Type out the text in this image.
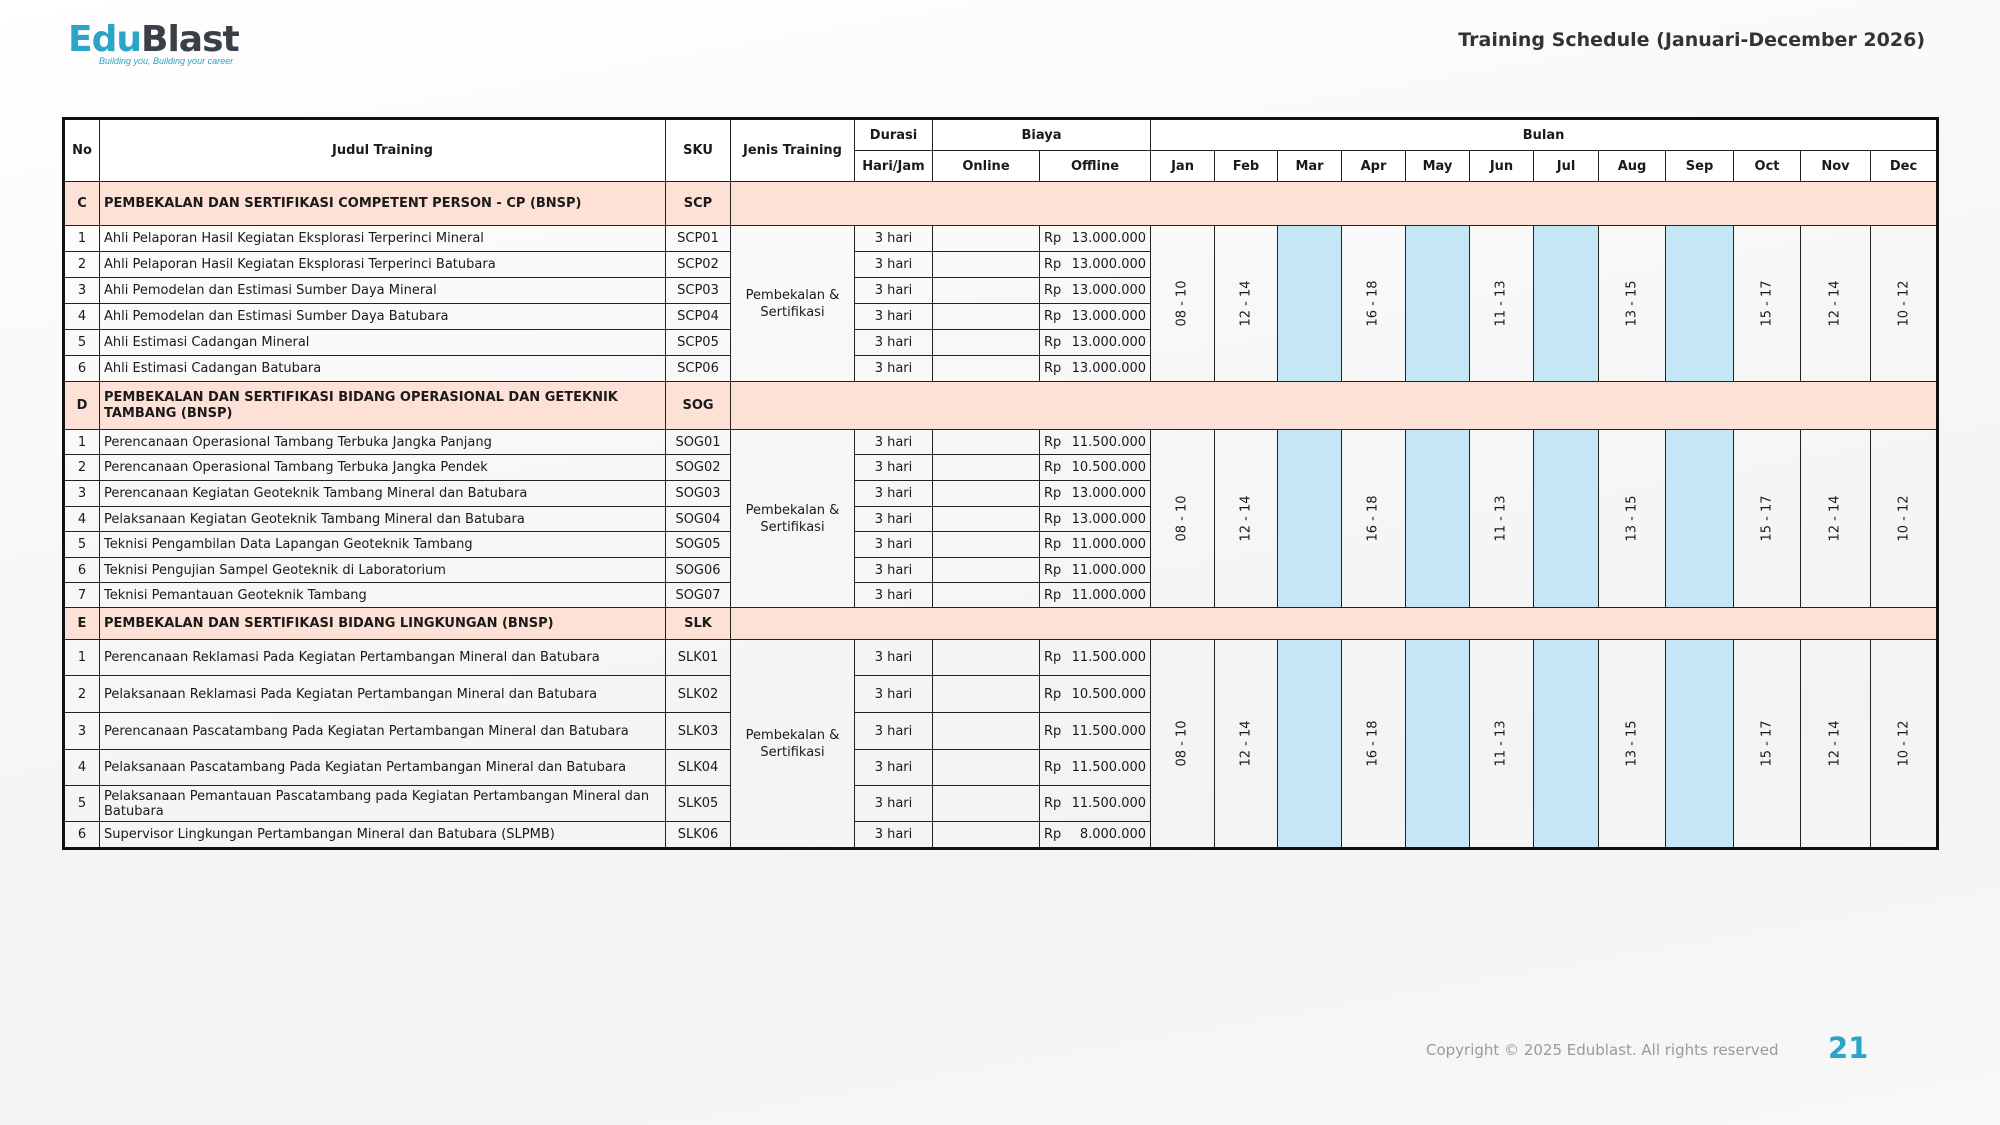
EduBlast
Building you, Building your career
Training Schedule (Januari-December 2026)
No	Judul Training	SKU	Jenis Training	Durasi	Biaya		Bulan											
				Hari/Jam	Online	Offline	Jan	Feb	Mar	Apr	May	Jun	Jul	Aug	Sep	Oct	Nov	Dec
C	PEMBEKALAN DAN SERTIFIKASI COMPETENT PERSON - CP (BNSP)	SCP																
1	Ahli Pelaporan Hasil Kegiatan Eksplorasi Terperinci Mineral	SCP01	Pembekalan & Sertifikasi	3 hari		Rp 13.000.000	08 - 10	12 - 14		16 - 18		11 - 13		13 - 15		15 - 17	12 - 14	10 - 12
2	Ahli Pelaporan Hasil Kegiatan Eksplorasi Terperinci Batubara	SCP02		3 hari		Rp 13.000.000												

3	Ahli Pemodelan dan Estimasi Sumber Daya Mineral	SCP03		3 hari		Rp 13.000.000												

4	Ahli Pemodelan dan Estimasi Sumber Daya Batubara	SCP04		3 hari		Rp 13.000.000												

5	Ahli Estimasi Cadangan Mineral	SCP05		3 hari		Rp 13.000.000												

6	Ahli Estimasi Cadangan Batubara	SCP06		3 hari		Rp 13.000.000												

D	PEMBEKALAN DAN SERTIFIKASI BIDANG OPERASIONAL DAN GETEKNIK TAMBANG (BNSP)	SOG																
1	Perencanaan Operasional Tambang Terbuka Jangka Panjang	SOG01	Pembekalan & Sertifikasi	3 hari		Rp 11.500.000	08 - 10	12 - 14		16 - 18		11 - 13		13 - 15		15 - 17	12 - 14	10 - 12
2	Perencanaan Operasional Tambang Terbuka Jangka Pendek	SOG02		3 hari		Rp 10.500.000												

3	Perencanaan Kegiatan Geoteknik Tambang Mineral dan Batubara	SOG03		3 hari		Rp 13.000.000												

4	Pelaksanaan Kegiatan Geoteknik Tambang Mineral dan Batubara	SOG04		3 hari		Rp 13.000.000												

5	Teknisi Pengambilan Data Lapangan Geoteknik Tambang	SOG05		3 hari		Rp 11.000.000												

6	Teknisi Pengujian Sampel Geoteknik di Laboratorium	SOG06		3 hari		Rp 11.000.000												

7	Teknisi Pemantauan Geoteknik Tambang	SOG07		3 hari		Rp 11.000.000												

E	PEMBEKALAN DAN SERTIFIKASI BIDANG LINGKUNGAN (BNSP)	SLK																
1	Perencanaan Reklamasi Pada Kegiatan Pertambangan Mineral dan Batubara	SLK01	Pembekalan & Sertifikasi	3 hari		Rp 11.500.000	08 - 10	12 - 14		16 - 18		11 - 13		13 - 15		15 - 17	12 - 14	10 - 12
2	Pelaksanaan Reklamasi Pada Kegiatan Pertambangan Mineral dan Batubara	SLK02		3 hari		Rp 10.500.000												

3	Perencanaan Pascatambang Pada Kegiatan Pertambangan Mineral dan Batubara	SLK03		3 hari		Rp 11.500.000												

4	Pelaksanaan Pascatambang Pada Kegiatan Pertambangan Mineral dan Batubara	SLK04		3 hari		Rp 11.500.000												

5	Pelaksanaan Pemantauan Pascatambang pada Kegiatan Pertambangan Mineral dan Batubara	SLK05		3 hari		Rp 11.500.000												

6	Supervisor Lingkungan Pertambangan Mineral dan Batubara (SLPMB)	SLK06		3 hari		Rp 8.000.000												
Copyright © 2025 Edublast. All rights reserved 21
